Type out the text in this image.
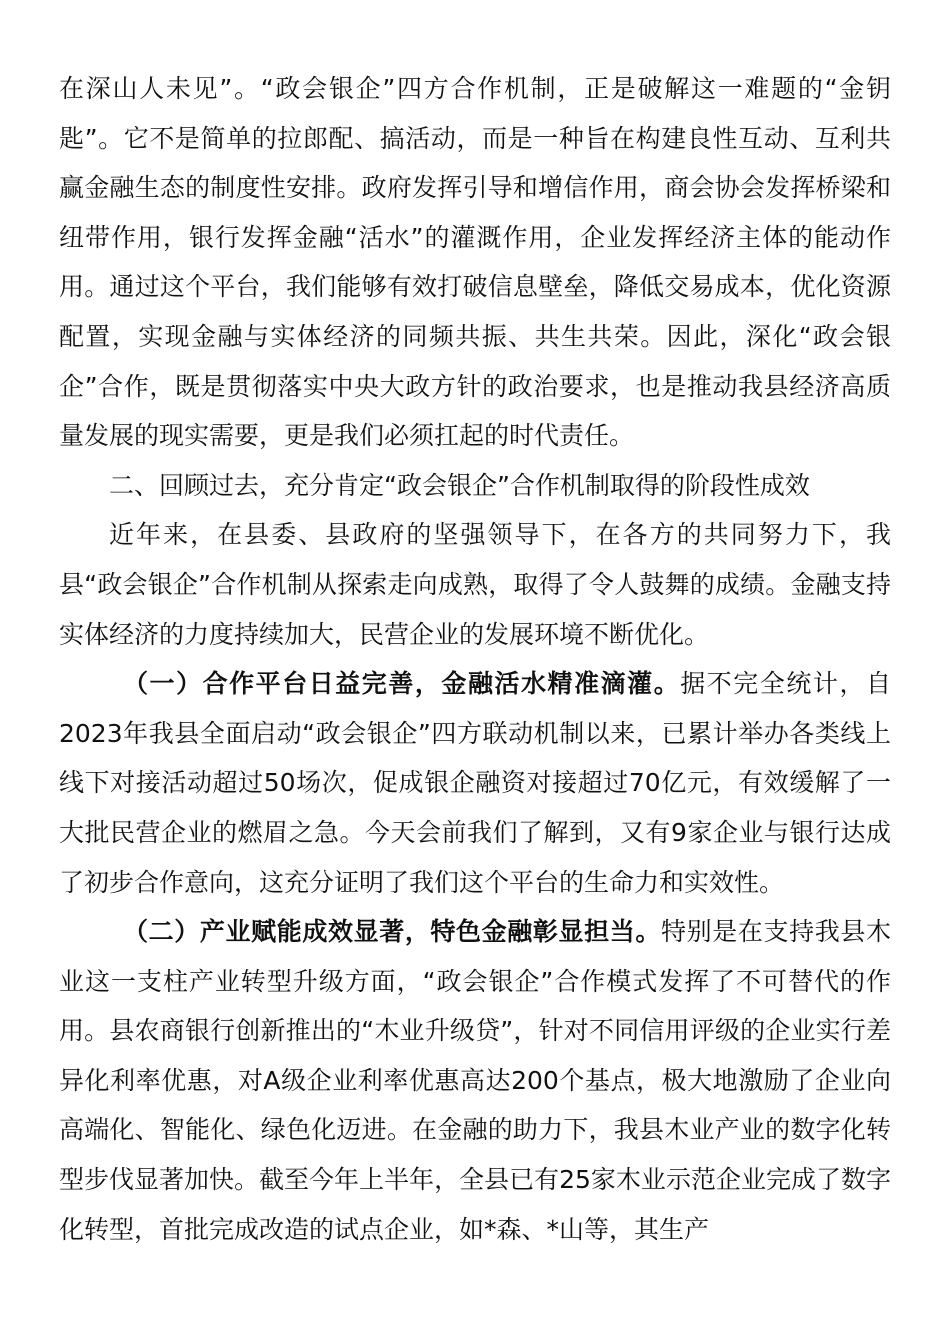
在深山人未见”。“政会银企”四方合作机制，正是破解这一难题的“金钥匙”。它不是简单的拉郎配、搞活动，而是一种旨在构建良性互动、互利共赢金融生态的制度性安排。政府发挥引导和增信作用，商会协会发挥桥梁和纽带作用，银行发挥金融“活水”的灌溉作用，企业发挥经济主体的能动作用。通过这个平台，我们能够有效打破信息壁垒，降低交易成本，优化资源配置，实现金融与实体经济的同频共振、共生共荣。因此，深化“政会银企”合作，既是贯彻落实中央大政方针的政治要求，也是推动我县经济高质量发展的现实需要，更是我们必须扛起的时代责任。

二、回顾过去，充分肯定“政会银企”合作机制取得的阶段性成效

近年来，在县委、县政府的坚强领导下，在各方的共同努力下，我县“政会银企”合作机制从探索走向成熟，取得了令人鼓舞的成绩。金融支持实体经济的力度持续加大，民营企业的发展环境不断优化。

（一）合作平台日益完善，金融活水精准滴灌。据不完全统计，自2023年我县全面启动“政会银企”四方联动机制以来，已累计举办各类线上线下对接活动超过50场次，促成银企融资对接超过70亿元，有效缓解了一大批民营企业的燃眉之急。今天会前我们了解到，又有9家企业与银行达成了初步合作意向，这充分证明了我们这个平台的生命力和实效性。

（二）产业赋能成效显著，特色金融彰显担当。特别是在支持我县木业这一支柱产业转型升级方面，“政会银企”合作模式发挥了不可替代的作用。县农商银行创新推出的“木业升级贷”，针对不同信用评级的企业实行差异化利率优惠，对A级企业利率优惠高达200个基点，极大地激励了企业向高端化、智能化、绿色化迈进。在金融的助力下，我县木业产业的数字化转型步伐显著加快。截至今年上半年，全县已有25家木业示范企业完成了数字化转型，首批完成改造的试点企业，如*森、*山等，其生产
